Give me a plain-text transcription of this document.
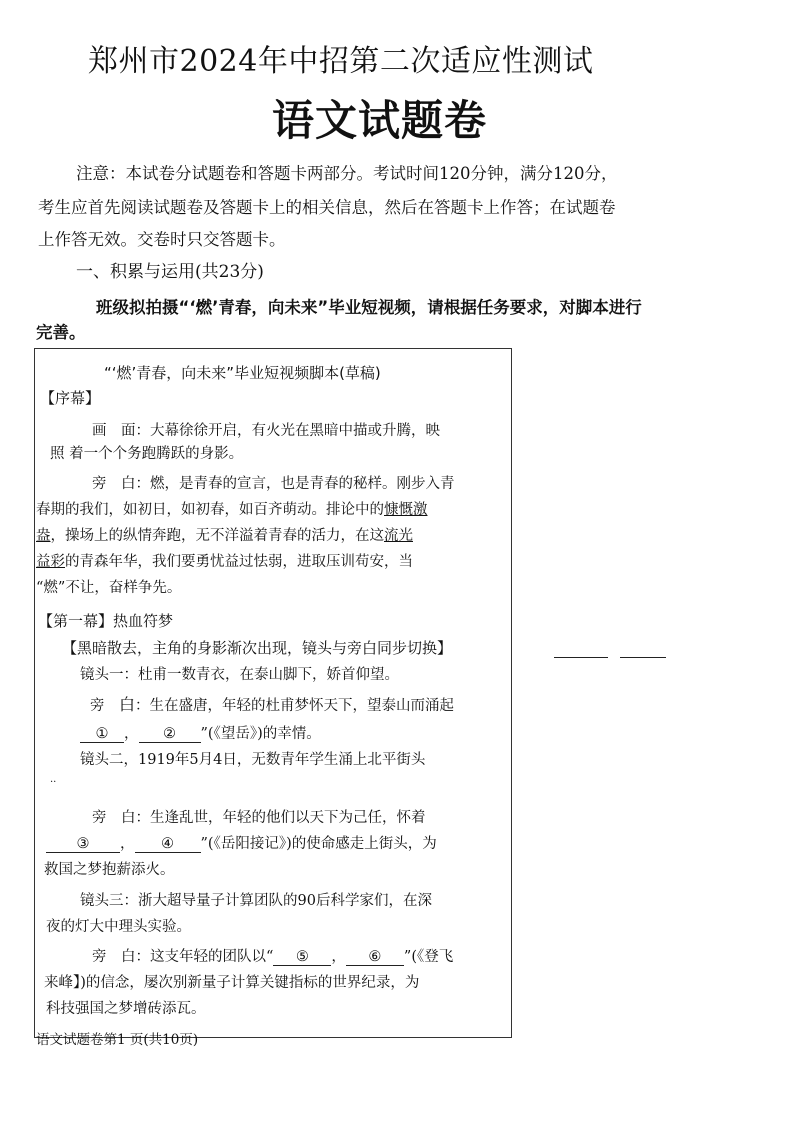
郑州市2024年中招第二次适应性测试
语文试题卷
注意：本试卷分试题卷和答题卡两部分。考试时间120分钟，满分120分，
考生应首先阅读试题卷及答题卡上的相关信息，然后在答题卡上作答；在试题卷
上作答无效。交卷时只交答题卡。
一、积累与运用(共23分)
班级拟拍摄“‘燃’青春，向未来”毕业短视频，请根据任务要求，对脚本进行
完善。
“‘燃’青春，向未来”毕业短视频脚本(草稿)
【序幕】
画　面：大幕徐徐开启，有火光在黑暗中描或升腾，映
照 着一个个务跑腾跃的身影。
旁　白：燃，是青春的宣言，也是青春的秘样。刚步入青
春期的我们，如初日，如初春，如百齐萌动。排论中的慷慨激
盎，操场上的纵情奔跑，无不洋溢着青春的活力，在这流光
益彩的青森年华，我们要勇忧益过怯弱，进取压训苟安，当
“燃”不让，奋样争先。
【第一幕】热血符梦
【黑暗散去，主角的身影渐次出现，镜头与旁白同步切换】
镜头一：杜甫一数青衣，在泰山脚下，娇首仰望。
旁　白：生在盛唐，年轻的杜甫梦怀天下，望泰山而涌起
① ， ② ”(《望岳》)的幸情。
镜头二，1919年5月4日，无数青年学生涌上北平街头
..
旁　白：生逢乱世，年轻的他们以天下为己任，怀着
③ ， ④ ”(《岳阳接记》)的使命感走上街头，为
救国之梦抱薪添火。
镜头三：浙大超导量子计算团队的90后科学家们，在深
夜的灯大中理头实验。
旁　白：这支年轻的团队以“ ⑤ ， ⑥ ”(《登飞
来峰】)的信念，屡次别新量子计算关键指标的世界纪录，为
科技强国之梦增砖添瓦。
语文试题卷第1 页(共10页)
